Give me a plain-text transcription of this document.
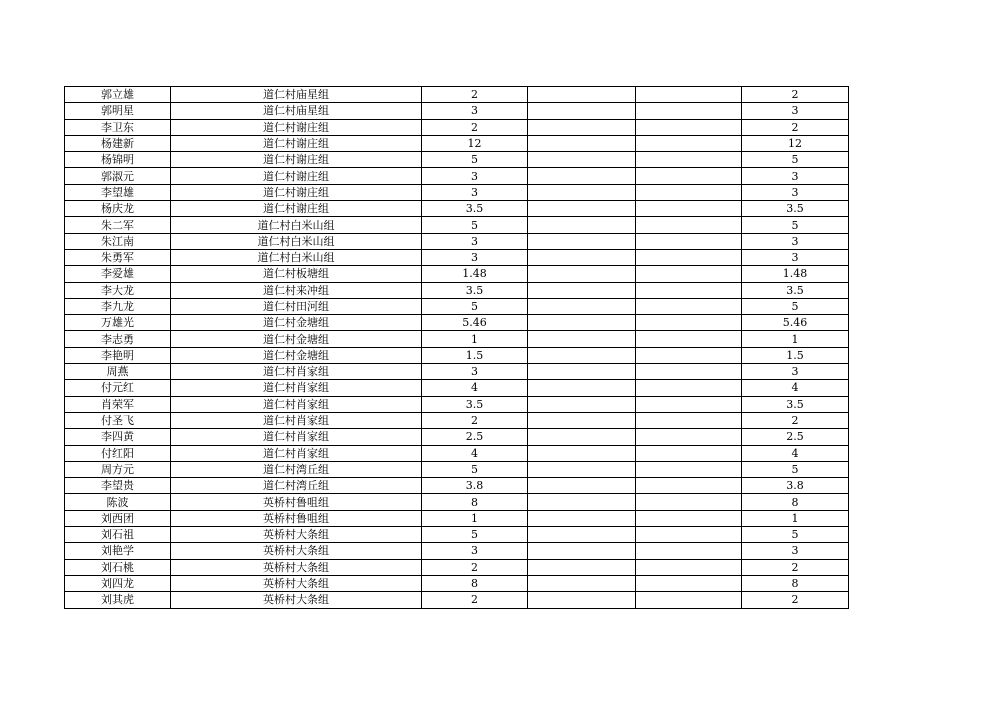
郭立雄	道仁村庙星组	2			2
郭明星	道仁村庙星组	3			3
李卫东	道仁村谢庄组	2			2
杨建新	道仁村谢庄组	12			12
杨锦明	道仁村谢庄组	5			5
郭淑元	道仁村谢庄组	3			3
李望雄	道仁村谢庄组	3			3
杨庆龙	道仁村谢庄组	3.5			3.5
朱二军	道仁村白米山组	5			5
朱江南	道仁村白米山组	3			3
朱勇军	道仁村白米山组	3			3
李爱雄	道仁村板塘组	1.48			1.48
李大龙	道仁村来冲组	3.5			3.5
李九龙	道仁村田河组	5			5
万雄光	道仁村金塘组	5.46			5.46
李志勇	道仁村金塘组	1			1
李艳明	道仁村金塘组	1.5			1.5
周燕	道仁村肖家组	3			3
付元红	道仁村肖家组	4			4
肖荣军	道仁村肖家组	3.5			3.5
付圣飞	道仁村肖家组	2			2
李四黄	道仁村肖家组	2.5			2.5
付红阳	道仁村肖家组	4			4
周方元	道仁村湾丘组	5			5
李望贵	道仁村湾丘组	3.8			3.8
陈波	英桥村鲁咀组	8			8
刘西团	英桥村鲁咀组	1			1
刘石祖	英桥村大条组	5			5
刘艳学	英桥村大条组	3			3
刘石桃	英桥村大条组	2			2
刘四龙	英桥村大条组	8			8
刘其虎	英桥村大条组	2			2
